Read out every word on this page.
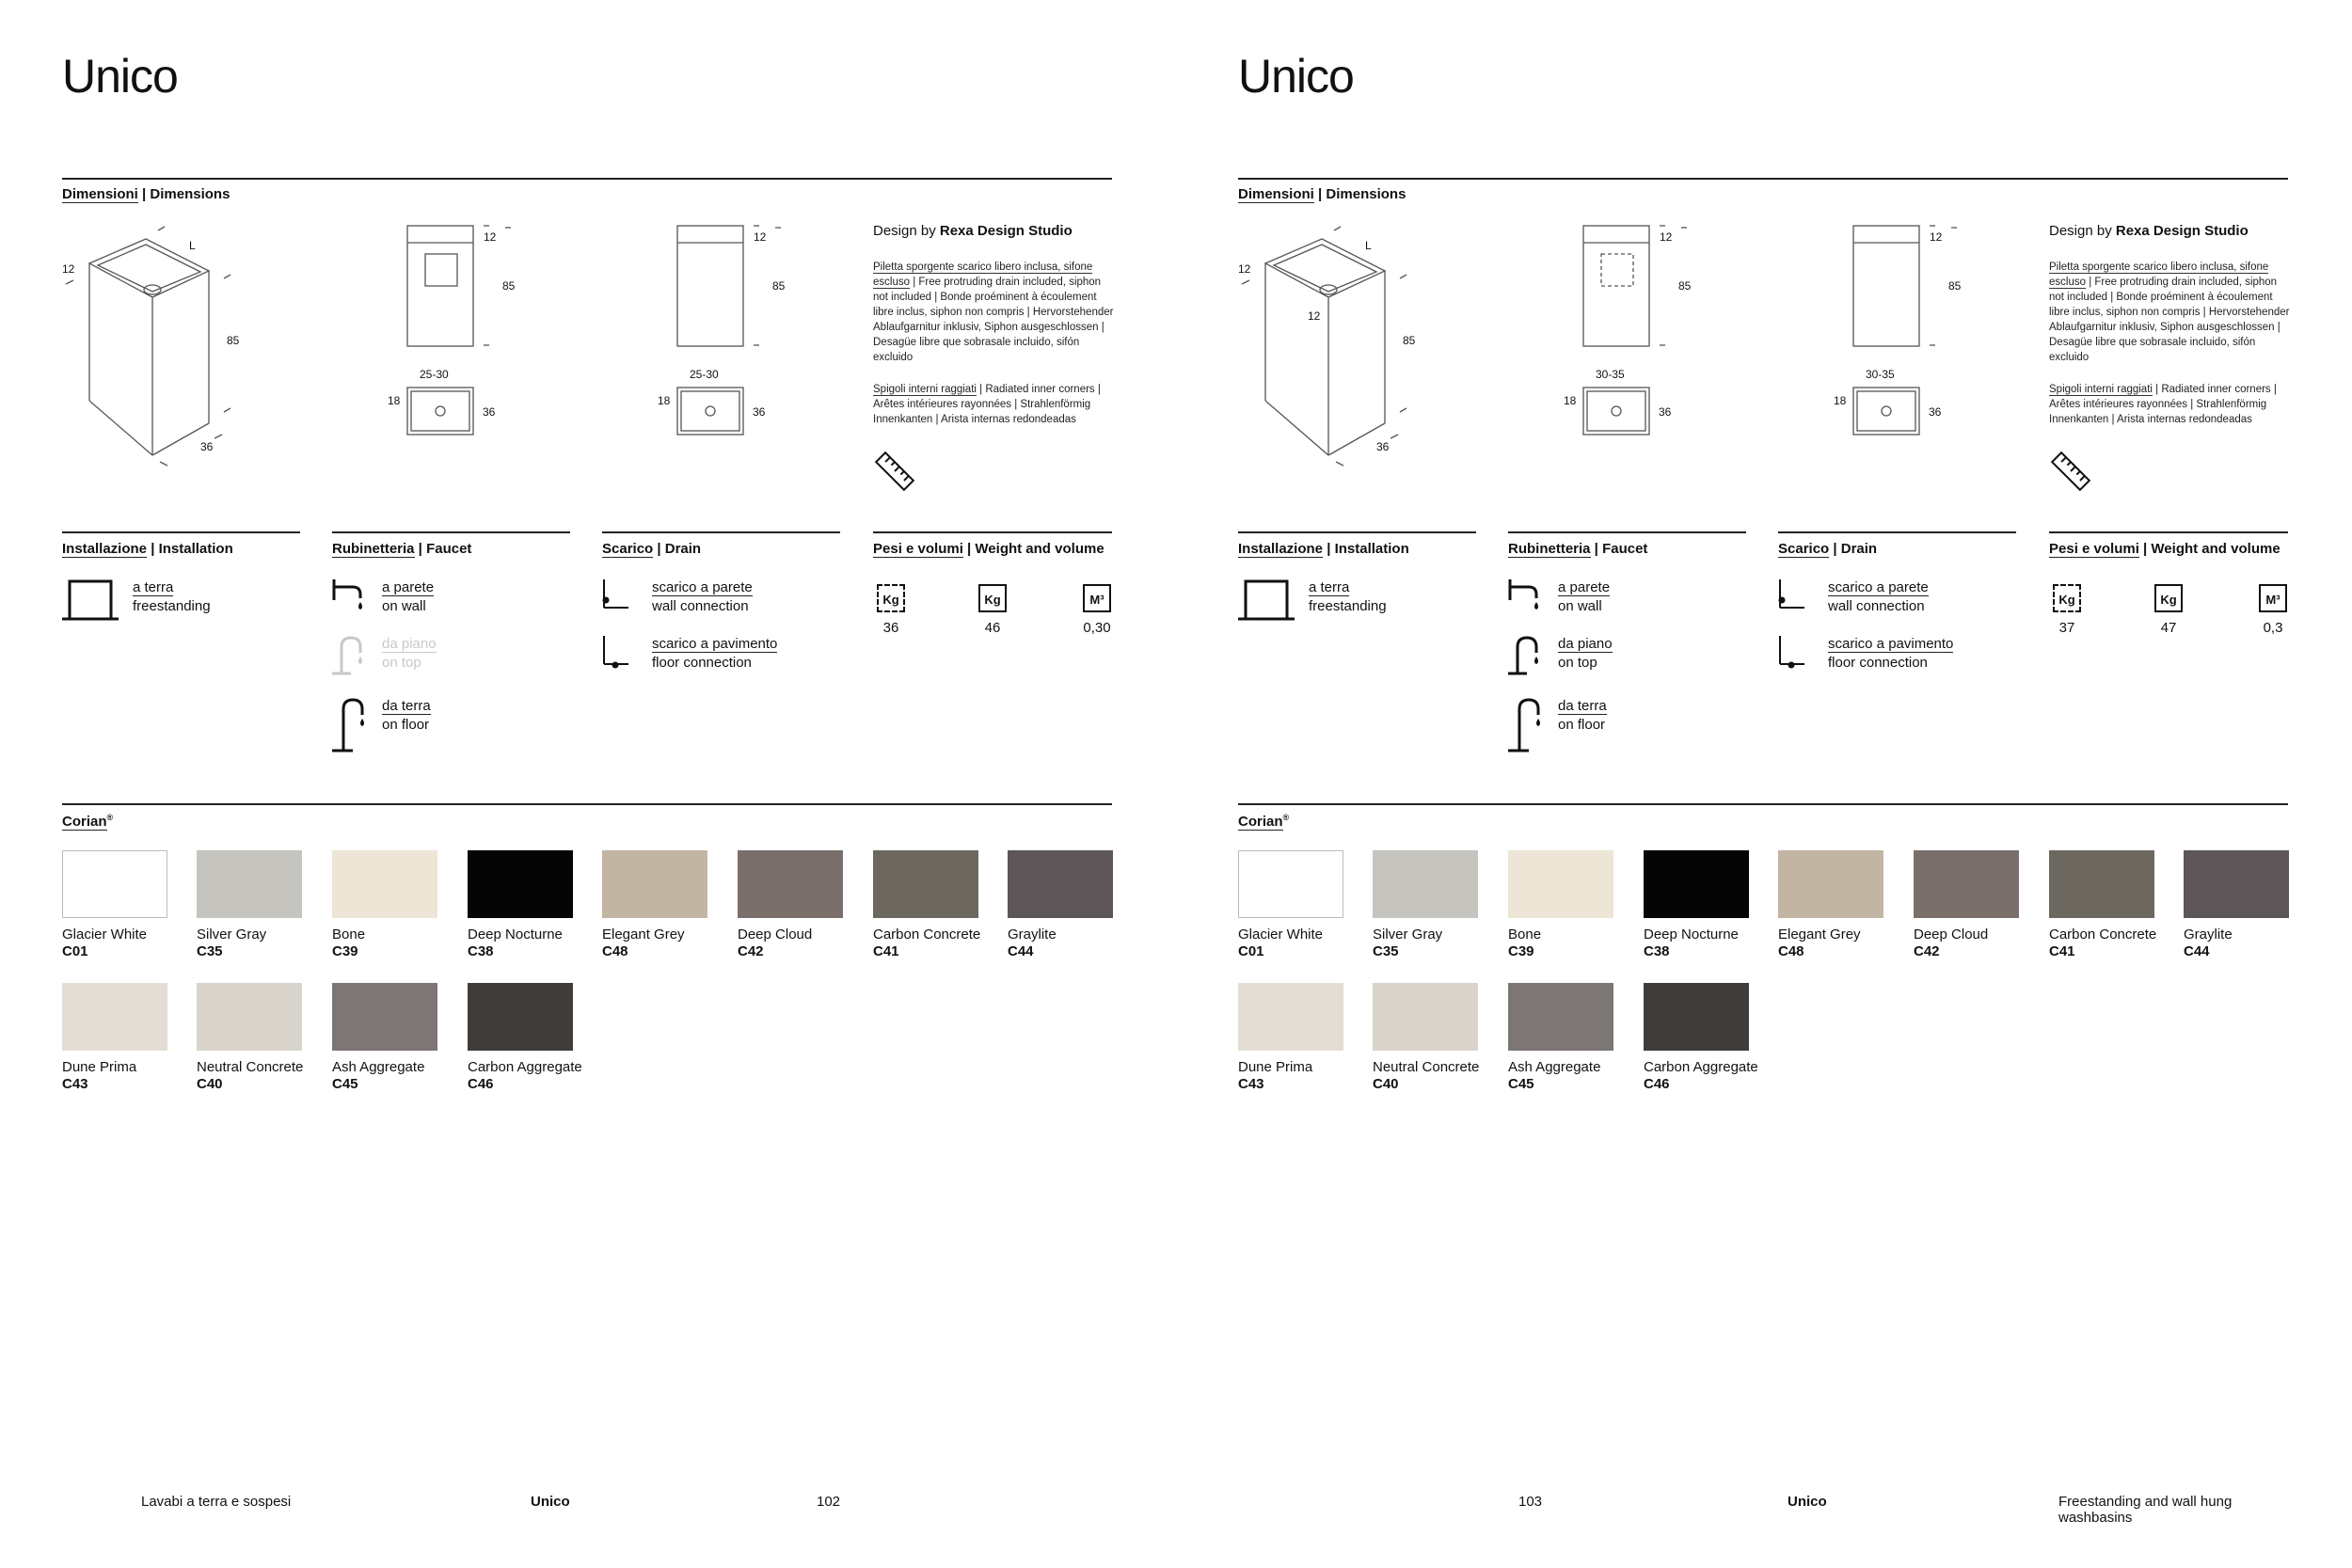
Unico
Dimensioni | Dimensions
L
12
85
36
12
85
25-30
18
36
12
85
25-30
18
36
Design by Rexa Design Studio
Piletta sporgente scarico libero inclusa, sifone escluso | Free protruding drain included, siphon not included | Bonde proéminent à écoulement libre inclus, siphon non compris | Hervorstehender Ablaufgarnitur inklusiv, Siphon ausgeschlossen | Desagüe libre que sobrasale incluido, sifón excluido
Spigoli interni raggiati | Radiated inner corners | Arêtes intérieures rayonnées | Strahlenförmig Innenkanten | Arista internas redondeadas
Installazione | Installation
a terra
freestanding
Rubinetteria | Faucet
a parete
on wall
da piano
on top
da terra
on floor
Scarico | Drain
scarico a parete
wall connection
scarico a pavimento
floor connection
Pesi e volumi | Weight and volume
Kg
36
Kg
46
M³
0,30
Corian®
Glacier White
C01
Silver Gray
C35
Bone
C39
Deep Nocturne
C38
Elegant Grey
C48
Deep Cloud
C42
Carbon Concrete
C41
Graylite
C44
Dune Prima
C43
Neutral Concrete
C40
Ash Aggregate
C45
Carbon Aggregate
C46
Lavabi a terra e sospesi	Unico	102
Unico
Dimensioni | Dimensions
L
12
12
85
36
12
85
30-35
18
36
12
85
30-35
18
36
Design by Rexa Design Studio
Piletta sporgente scarico libero inclusa, sifone escluso | Free protruding drain included, siphon not included | Bonde proéminent à écoulement libre inclus, siphon non compris | Hervorstehender Ablaufgarnitur inklusiv, Siphon ausgeschlossen | Desagüe libre que sobrasale incluido, sifón excluido
Spigoli interni raggiati | Radiated inner corners | Arêtes intérieures rayonnées | Strahlenförmig Innenkanten | Arista internas redondeadas
Installazione | Installation
a terra
freestanding
Rubinetteria | Faucet
a parete
on wall
da piano
on top
da terra
on floor
Scarico | Drain
scarico a parete
wall connection
scarico a pavimento
floor connection
Pesi e volumi | Weight and volume
Kg
37
Kg
47
M³
0,3
Corian®
Glacier White
C01
Silver Gray
C35
Bone
C39
Deep Nocturne
C38
Elegant Grey
C48
Deep Cloud
C42
Carbon Concrete
C41
Graylite
C44
Dune Prima
C43
Neutral Concrete
C40
Ash Aggregate
C45
Carbon Aggregate
C46
103	Unico	Freestanding and wall hung washbasins
